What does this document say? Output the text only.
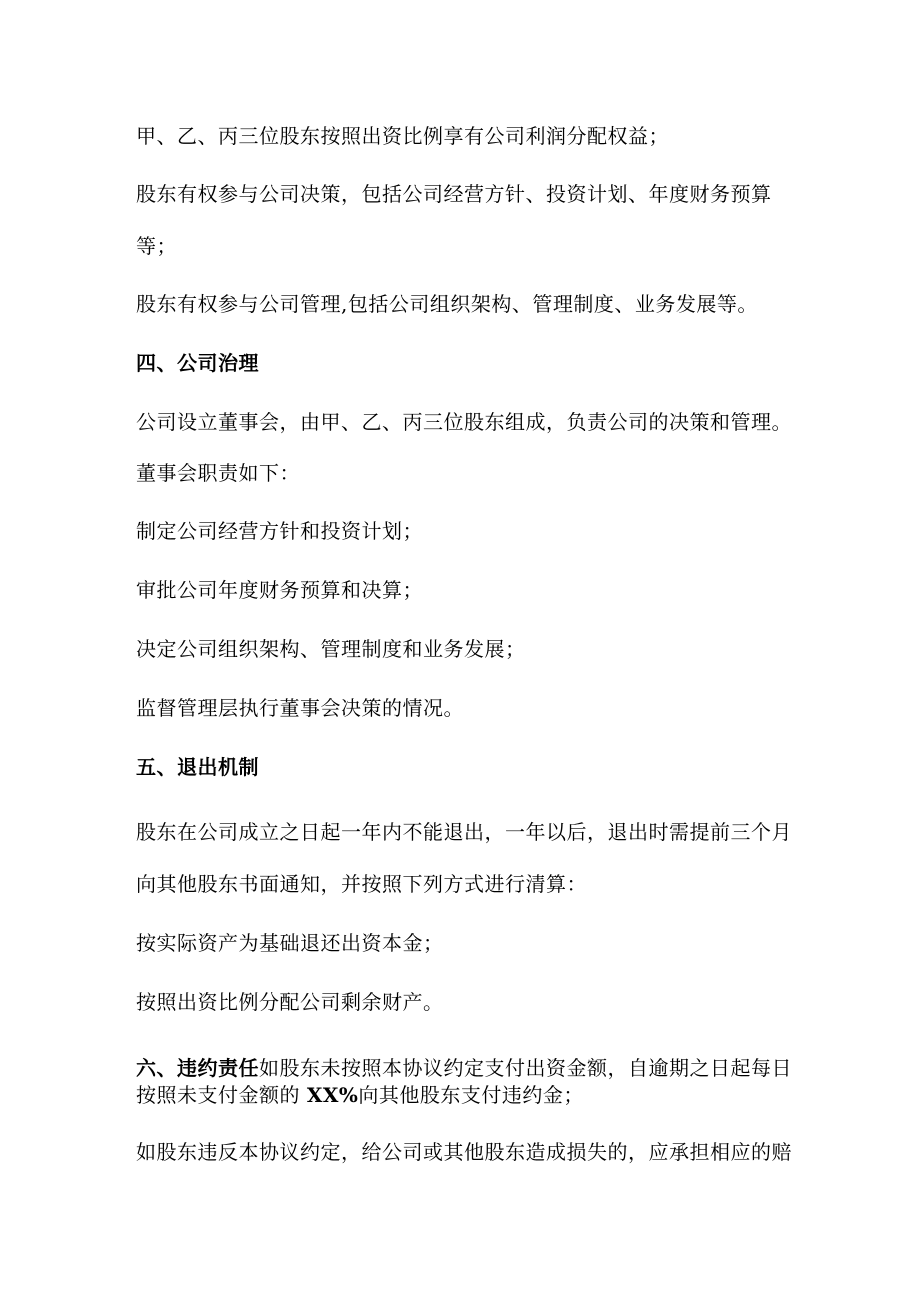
甲、乙、丙三位股东按照出资比例享有公司利润分配权益；
股东有权参与公司决策，包括公司经营方针、投资计划、年度财务预算
等；
股东有权参与公司管理,包括公司组织架构、管理制度、业务发展等。
四、公司治理
公司设立董事会，由甲、乙、丙三位股东组成，负责公司的决策和管理。
董事会职责如下：
制定公司经营方针和投资计划；
审批公司年度财务预算和决算；
决定公司组织架构、管理制度和业务发展；
监督管理层执行董事会决策的情况。
五、退出机制
股东在公司成立之日起一年内不能退出，一年以后，退出时需提前三个月
向其他股东书面通知，并按照下列方式进行清算：
按实际资产为基础退还出资本金；
按照出资比例分配公司剩余财产。
六、违约责任如股东未按照本协议约定支付出资金额，自逾期之日起每日
按照未支付金额的 XX%向其他股东支付违约金；
如股东违反本协议约定，给公司或其他股东造成损失的，应承担相应的赔
